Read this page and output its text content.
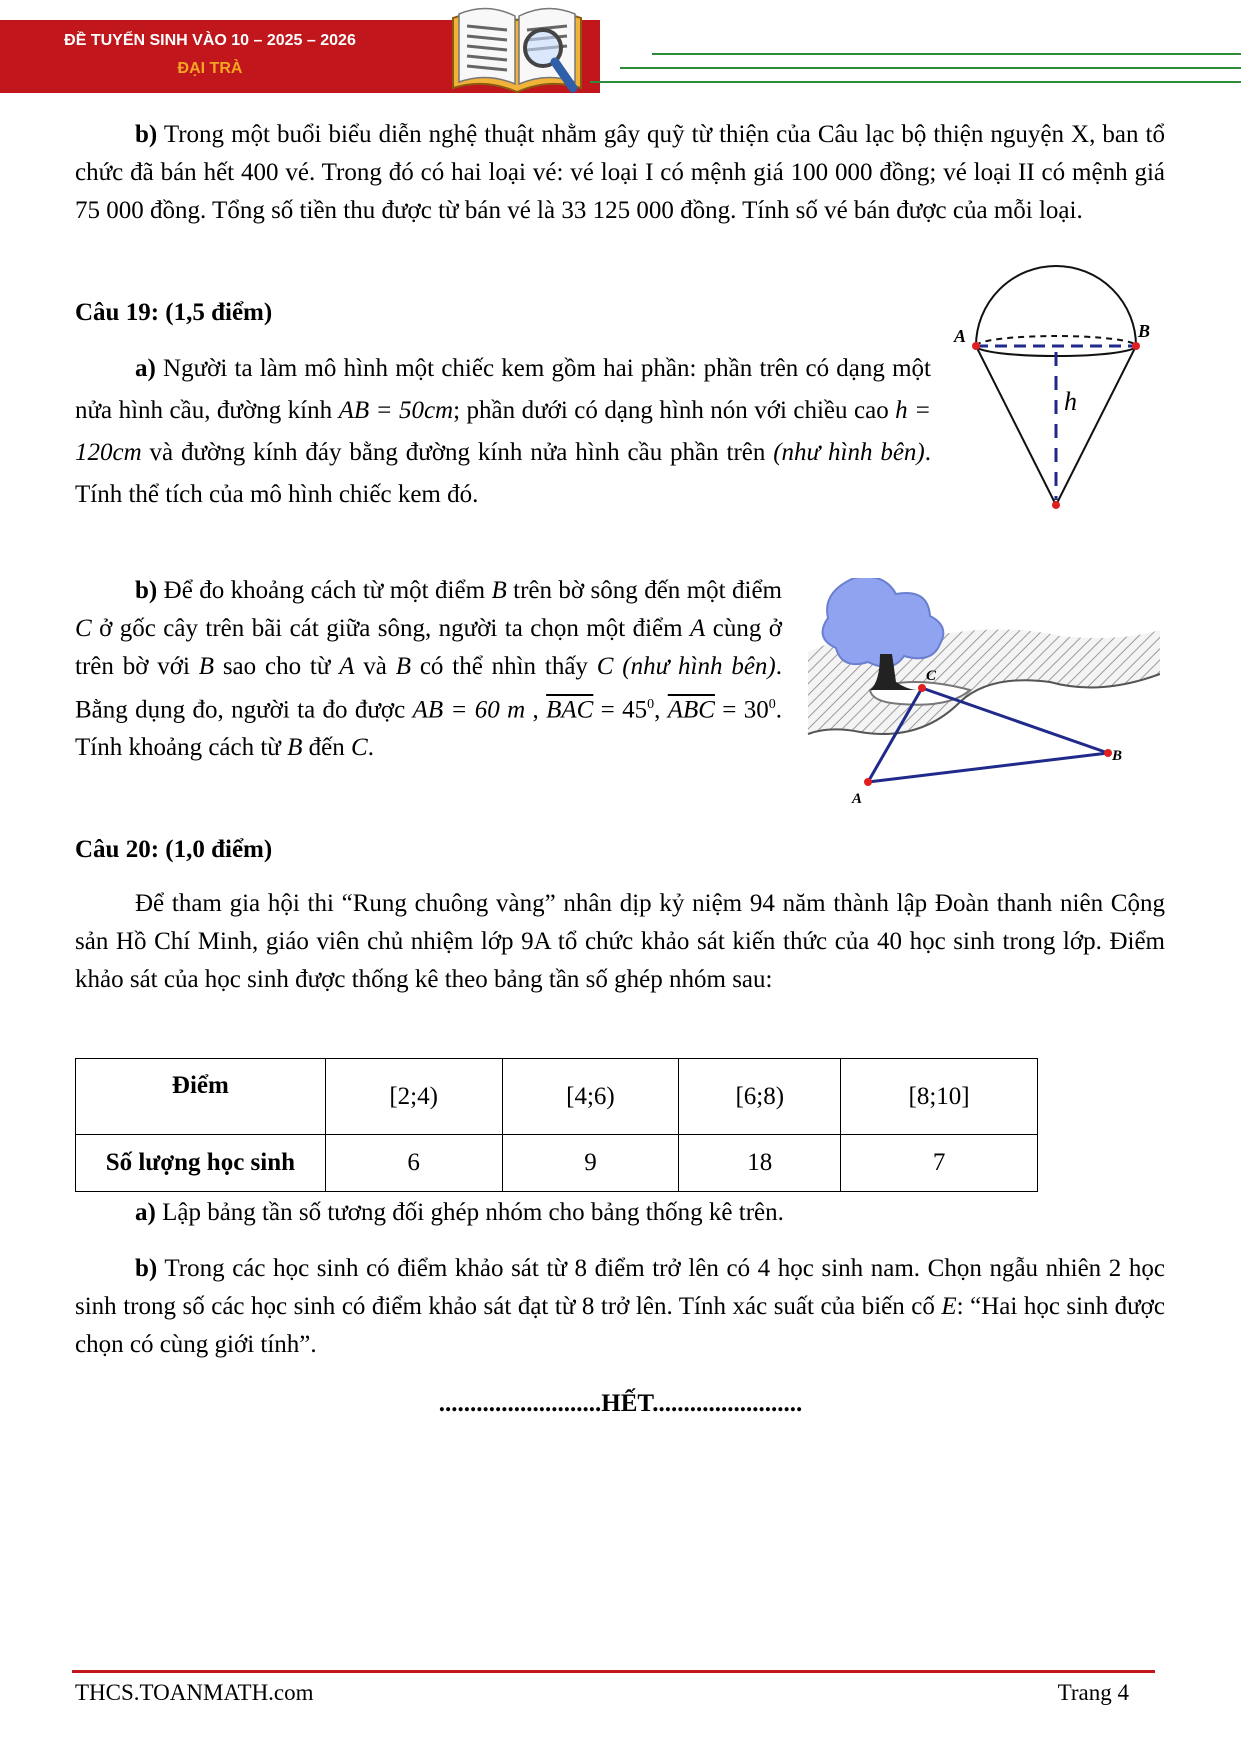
ĐỀ TUYỂN SINH VÀO 10 – 2025 – 2026
ĐẠI TRÀ
b) Trong một buổi biểu diễn nghệ thuật nhằm gây quỹ từ thiện của Câu lạc bộ thiện nguyện X, ban tổ chức đã bán hết 400 vé. Trong đó có hai loại vé: vé loại I có mệnh giá 100 000 đồng; vé loại II có mệnh giá 75 000 đồng. Tổng số tiền thu được từ bán vé là 33 125 000 đồng. Tính số vé bán được của mỗi loại.
Câu 19: (1,5 điểm)
a) Người ta làm mô hình một chiếc kem gồm hai phần: phần trên có dạng một nửa hình cầu, đường kính AB = 50cm; phần dưới có dạng hình nón với chiều cao h = 120cm và đường kính đáy bằng đường kính nửa hình cầu phần trên (như hình bên). Tính thể tích của mô hình chiếc kem đó.
A	B
h
b) Để đo khoảng cách từ một điểm B trên bờ sông đến một điểm C ở gốc cây trên bãi cát giữa sông, người ta chọn một điểm A cùng ở trên bờ với B sao cho từ A và B có thể nhìn thấy C (như hình bên). Bằng dụng đo, người ta đo được AB = 60 m , $\overline{BAC} = 45^0$, $\overline{ABC} = 30^0$. Tính khoảng cách từ B đến C.
C
B
A
Câu 20: (1,0 điểm)
Để tham gia hội thi “Rung chuông vàng” nhân dịp kỷ niệm 94 năm thành lập Đoàn thanh niên Cộng sản Hồ Chí Minh, giáo viên chủ nhiệm lớp 9A tổ chức khảo sát kiến thức của 40 học sinh trong lớp. Điểm khảo sát của học sinh được thống kê theo bảng tần số ghép nhóm sau:
Điểm	[2;4)	[4;6)	[6;8)	[8;10]
Số lượng học sinh	6	9	18	7
a) Lập bảng tần số tương đối ghép nhóm cho bảng thống kê trên.
b) Trong các học sinh có điểm khảo sát từ 8 điểm trở lên có 4 học sinh nam. Chọn ngẫu nhiên 2 học sinh trong số các học sinh có điểm khảo sát đạt từ 8 trở lên. Tính xác suất của biến cố E: “Hai học sinh được chọn có cùng giới tính”.
..........................HẾT........................
THCS.TOANMATH.com	Trang 4
